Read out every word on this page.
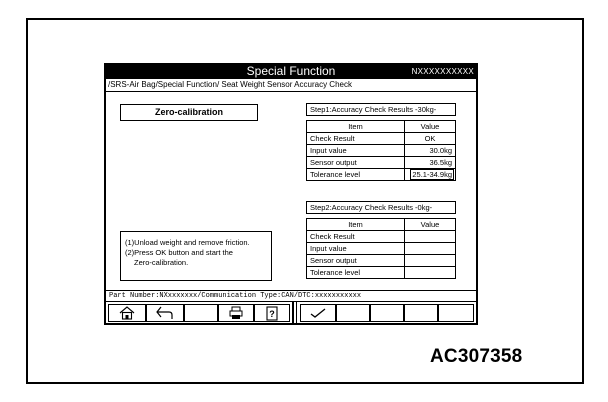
Special Function	NXXXXXXXXXX
/SRS-Air Bag/Special Function/ Seat Weight Sensor Accuracy Check
Zero-calibration
(1)Unload weight and remove friction.
(2)Press OK button and start the
Zero-calibration.
Step1:Accuracy Check Results -30kg-
Item	Value
Check Result	OK
Input value	30.0kg
Sensor output	36.5kg
Tolerance level	25.1-34.9kg
Step2:Accuracy Check Results -0kg-
Item	Value
Check Result	
Input value	
Sensor output	
Tolerance level	
Part Number:NXxxxxxxx/Communication Type:CAN/DTC:xxxxxxxxxxx
?
AC307358
